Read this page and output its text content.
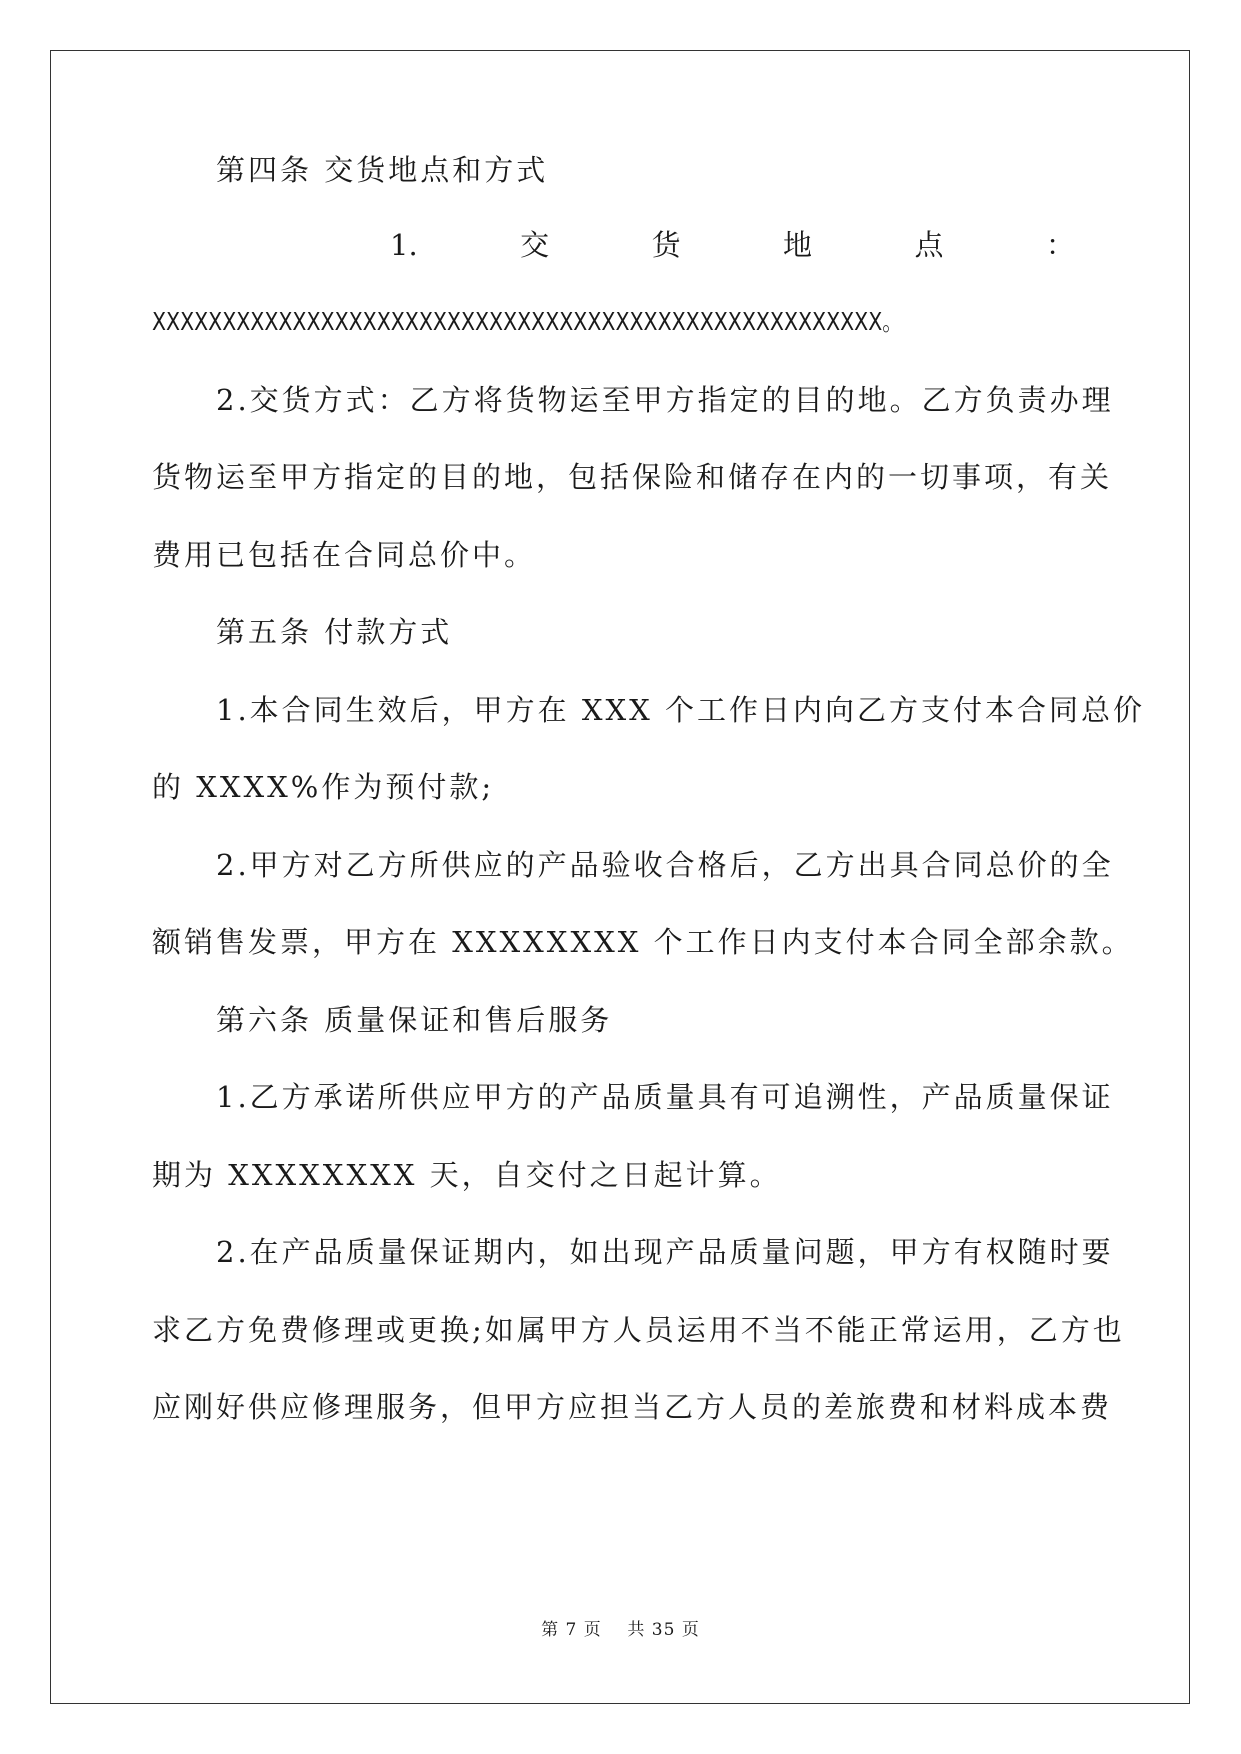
第四条 交货地点和方式
1.	交	货	地	点	：
XXXXXXXXXXXXXXXXXXXXXXXXXXXXXXXXXXXXXXXXXXXXXXXXXXXX。
2.交货方式：乙方将货物运至甲方指定的目的地。乙方负责办理
货物运至甲方指定的目的地，包括保险和储存在内的一切事项，有关
费用已包括在合同总价中。
第五条 付款方式
1.本合同生效后，甲方在 XXX 个工作日内向乙方支付本合同总价
的 XXXX%作为预付款;
2.甲方对乙方所供应的产品验收合格后，乙方出具合同总价的全
额销售发票，甲方在 XXXXXXXX 个工作日内支付本合同全部余款。
第六条 质量保证和售后服务
1.乙方承诺所供应甲方的产品质量具有可追溯性，产品质量保证
期为 XXXXXXXX 天，自交付之日起计算。
2.在产品质量保证期内，如出现产品质量问题，甲方有权随时要
求乙方免费修理或更换;如属甲方人员运用不当不能正常运用，乙方也
应刚好供应修理服务，但甲方应担当乙方人员的差旅费和材料成本费
第 7 页    共 35 页
